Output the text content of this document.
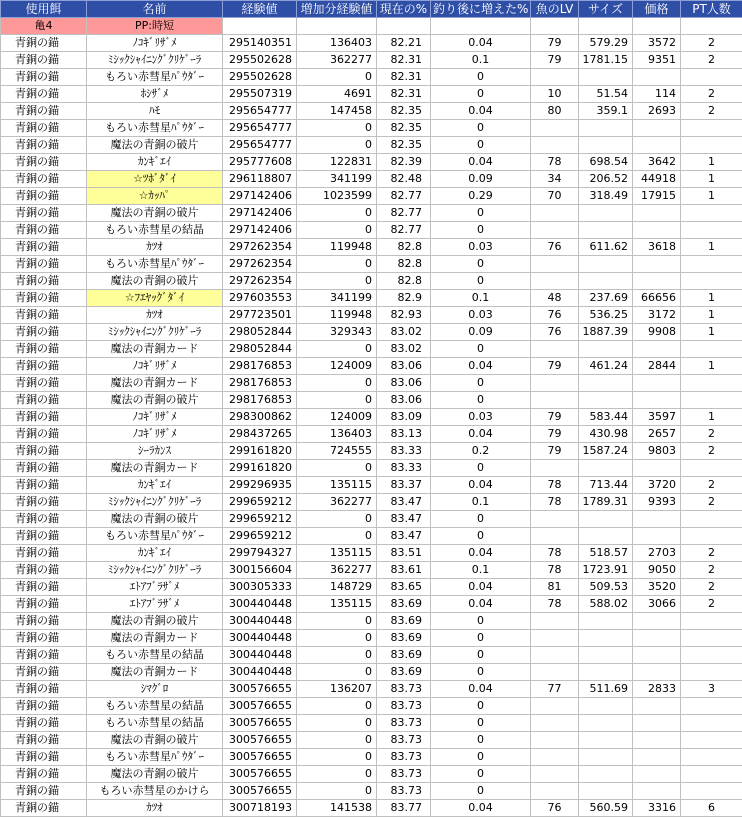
使用餌	名前	経験値	増加分経験値	現在の%	釣り後に増えた%	魚のLV	サイズ	価格	PT人数
亀4	PP:時短								
青銅の錨	ﾉｺｷﾞﾘｻﾞﾒ	295140351	136403	82.21	0.04	79	579.29	3572	2
青銅の錨	ﾐｼｯｸｼｬｲﾆﾝｸﾞｸﾘｹﾞｰﾗ	295502628	362277	82.31	0.1	79	1781.15	9351	2
青銅の錨	もろい赤彗星ﾊﾟｳﾀﾞｰ	295502628	0	82.31	0				
青銅の錨	ﾎｼｻﾞﾒ	295507319	4691	82.31	0	10	51.54	114	2
青銅の錨	ﾊﾓ	295654777	147458	82.35	0.04	80	359.1	2693	2
青銅の錨	もろい赤彗星ﾊﾟｳﾀﾞｰ	295654777	0	82.35	0				
青銅の錨	魔法の青銅の破片	295654777	0	82.35	0				
青銅の錨	ｶﾝｷﾞｴｲ	295777608	122831	82.39	0.04	78	698.54	3642	1
青銅の錨	☆ﾂﾎﾞﾀﾞｲ	296118807	341199	82.48	0.09	34	206.52	44918	1
青銅の錨	☆ｶｯﾊﾟ	297142406	1023599	82.77	0.29	70	318.49	17915	1
青銅の錨	魔法の青銅の破片	297142406	0	82.77	0				
青銅の錨	もろい赤彗星の結晶	297142406	0	82.77	0				
青銅の錨	ｶﾂｵ	297262354	119948	82.8	0.03	76	611.62	3618	1
青銅の錨	もろい赤彗星ﾊﾟｳﾀﾞｰ	297262354	0	82.8	0				
青銅の錨	魔法の青銅の破片	297262354	0	82.8	0				
青銅の錨	☆ﾌｴﾔｯｸﾞﾀﾞｲ	297603553	341199	82.9	0.1	48	237.69	66656	1
青銅の錨	ｶﾂｵ	297723501	119948	82.93	0.03	76	536.25	3172	1
青銅の錨	ﾐｼｯｸｼｬｲﾆﾝｸﾞｸﾘｹﾞｰﾗ	298052844	329343	83.02	0.09	76	1887.39	9908	1
青銅の錨	魔法の青銅カード	298052844	0	83.02	0				
青銅の錨	ﾉｺｷﾞﾘｻﾞﾒ	298176853	124009	83.06	0.04	79	461.24	2844	1
青銅の錨	魔法の青銅カード	298176853	0	83.06	0				
青銅の錨	魔法の青銅の破片	298176853	0	83.06	0				
青銅の錨	ﾉｺｷﾞﾘｻﾞﾒ	298300862	124009	83.09	0.03	79	583.44	3597	1
青銅の錨	ﾉｺｷﾞﾘｻﾞﾒ	298437265	136403	83.13	0.04	79	430.98	2657	2
青銅の錨	ｼｰﾗｶﾝｽ	299161820	724555	83.33	0.2	79	1587.24	9803	2
青銅の錨	魔法の青銅カード	299161820	0	83.33	0				
青銅の錨	ｶﾝｷﾞｴｲ	299296935	135115	83.37	0.04	78	713.44	3720	2
青銅の錨	ﾐｼｯｸｼｬｲﾆﾝｸﾞｸﾘｹﾞｰﾗ	299659212	362277	83.47	0.1	78	1789.31	9393	2
青銅の錨	魔法の青銅の破片	299659212	0	83.47	0				
青銅の錨	もろい赤彗星ﾊﾟｳﾀﾞｰ	299659212	0	83.47	0				
青銅の錨	ｶﾝｷﾞｴｲ	299794327	135115	83.51	0.04	78	518.57	2703	2
青銅の錨	ﾐｼｯｸｼｬｲﾆﾝｸﾞｸﾘｹﾞｰﾗ	300156604	362277	83.61	0.1	78	1723.91	9050	2
青銅の錨	ｴﾄｱﾌﾞﾗｻﾞﾒ	300305333	148729	83.65	0.04	81	509.53	3520	2
青銅の錨	ｴﾄｱﾌﾞﾗｻﾞﾒ	300440448	135115	83.69	0.04	78	588.02	3066	2
青銅の錨	魔法の青銅の破片	300440448	0	83.69	0				
青銅の錨	魔法の青銅カード	300440448	0	83.69	0				
青銅の錨	もろい赤彗星の結晶	300440448	0	83.69	0				
青銅の錨	魔法の青銅カード	300440448	0	83.69	0				
青銅の錨	ｼﾏｸﾞﾛ	300576655	136207	83.73	0.04	77	511.69	2833	3
青銅の錨	もろい赤彗星の結晶	300576655	0	83.73	0				
青銅の錨	もろい赤彗星の結晶	300576655	0	83.73	0				
青銅の錨	魔法の青銅の破片	300576655	0	83.73	0				
青銅の錨	もろい赤彗星ﾊﾟｳﾀﾞｰ	300576655	0	83.73	0				
青銅の錨	魔法の青銅の破片	300576655	0	83.73	0				
青銅の錨	もろい赤彗星のかけら	300576655	0	83.73	0				
青銅の錨	ｶﾂｵ	300718193	141538	83.77	0.04	76	560.59	3316	6
